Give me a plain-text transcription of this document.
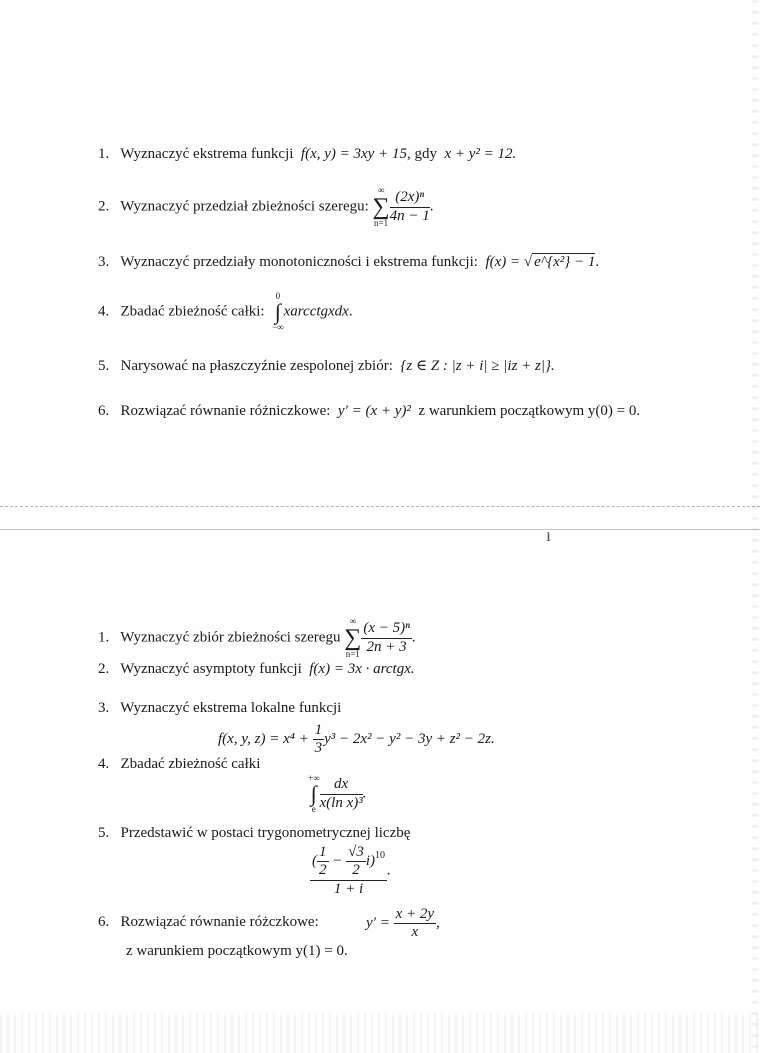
1. Wyznaczyć ekstrema funkcji f(x, y) = 3xy + 15, gdy x + y² = 12.
2. Wyznaczyć przedział zbieżności szeregu:
∞
∑
$n=1 \frac{\text{(2x)ⁿ}}{4n - 1}$ .
3. Wyznaczyć przedziały monotoniczności i ekstrema funkcji: f(x) = √ e^{x²} − 1.
4. Zbadać zbieżność całki:
0
∫
−∞
xarcctgxdx.
5. Narysować na płaszczyźnie zespolonej zbiór: {z ∈ Z : |z + i| ≥ |iz + z|}.
6. Rozwiązać równanie różniczkowe: y′ = (x + y)² z warunkiem początkowym y(0) = 0.
ı
1. Wyznaczyć zbiór zbieżności szeregu
∞
∑
$n=1 \frac{\text{(x − 5)ⁿ}}{2n + 3}$ .
2. Wyznaczyć asymptoty funkcji f(x) = 3x · arctgx.
3. Wyznaczyć ekstrema lokalne funkcji
f(x, y, $z) = x^4 + \frac{1}{3} y^3 - 2x^2 - y^2 - 3y + z^2 - 2z$.
4. Zbadać zbieżność całki
+∞
∫
e $\frac{dx}{\text{x(ln x)³}}$ .
5. Przedstawić w postaci trygonometrycznej liczbę
$\frac{( \frac{1}{2} - \frac{√3}{2} i)^{10}}{1 + i}$ .
6. Rozwiązać równanie różczkowe:	$y' = \frac{x + 2y}{x}$ ,
z warunkiem początkowym y(1) = 0.
